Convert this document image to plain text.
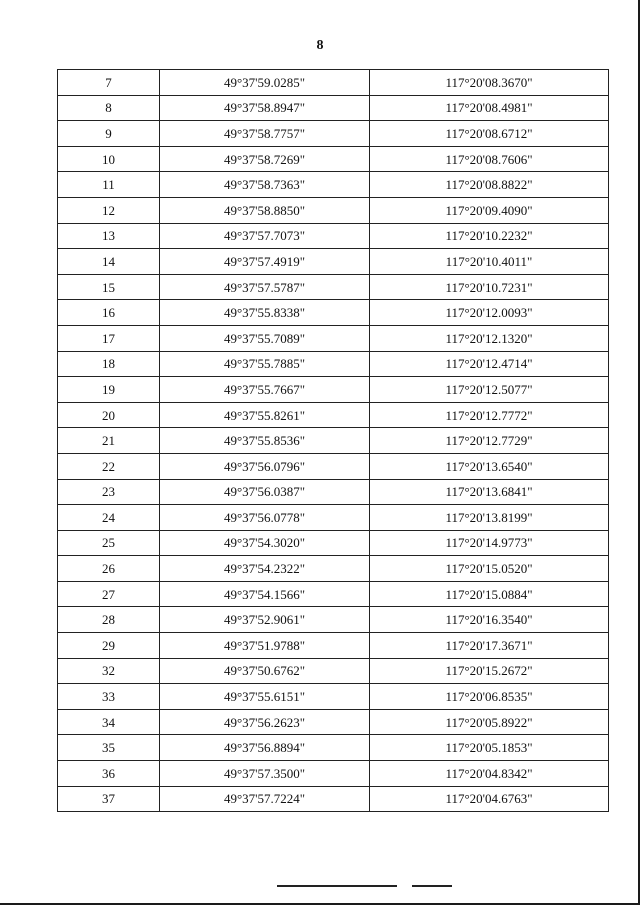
8
7	49°37'59.0285"	117°20'08.3670"
8	49°37'58.8947"	117°20'08.4981"
9	49°37'58.7757"	117°20'08.6712"
10	49°37'58.7269"	117°20'08.7606"
11	49°37'58.7363"	117°20'08.8822"
12	49°37'58.8850"	117°20'09.4090"
13	49°37'57.7073"	117°20'10.2232"
14	49°37'57.4919"	117°20'10.4011"
15	49°37'57.5787"	117°20'10.7231"
16	49°37'55.8338"	117°20'12.0093"
17	49°37'55.7089"	117°20'12.1320"
18	49°37'55.7885"	117°20'12.4714"
19	49°37'55.7667"	117°20'12.5077"
20	49°37'55.8261"	117°20'12.7772"
21	49°37'55.8536"	117°20'12.7729"
22	49°37'56.0796"	117°20'13.6540"
23	49°37'56.0387"	117°20'13.6841"
24	49°37'56.0778"	117°20'13.8199"
25	49°37'54.3020"	117°20'14.9773"
26	49°37'54.2322"	117°20'15.0520"
27	49°37'54.1566"	117°20'15.0884"
28	49°37'52.9061"	117°20'16.3540"
29	49°37'51.9788"	117°20'17.3671"
32	49°37'50.6762"	117°20'15.2672"
33	49°37'55.6151"	117°20'06.8535"
34	49°37'56.2623"	117°20'05.8922"
35	49°37'56.8894"	117°20'05.1853"
36	49°37'57.3500"	117°20'04.8342"
37	49°37'57.7224"	117°20'04.6763"
